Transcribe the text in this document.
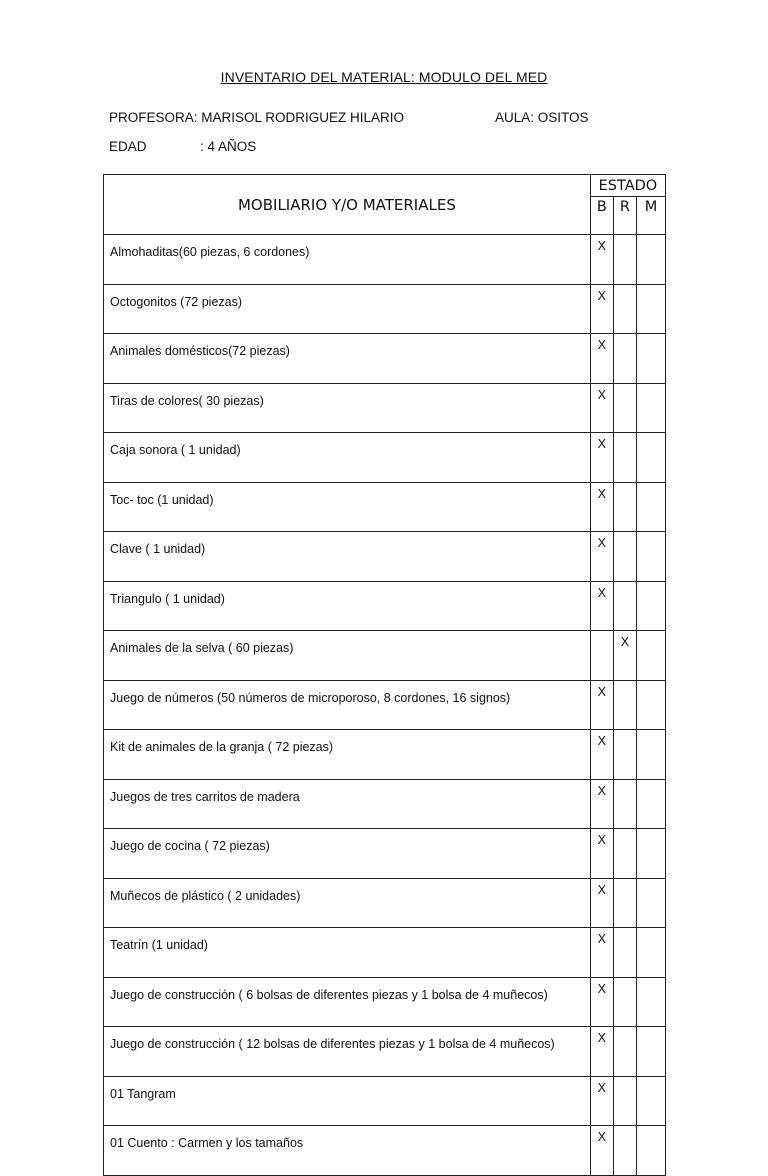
INVENTARIO DEL MATERIAL: MODULO DEL MED
PROFESORA: MARISOL RODRIGUEZ HILARIO	AULA: OSITOS
EDAD	: 4 AÑOS
MOBILIARIO Y/O MATERIALES	ESTADO		
	B	R	M
Almohaditas(60 piezas, 6 cordones)	X		
Octogonitos (72 piezas)	X		
Animales domésticos(72 piezas)	X		
Tiras de colores( 30 piezas)	X		
Caja sonora ( 1 unidad)	X		
Toc- toc (1 unidad)	X		
Clave ( 1 unidad)	X		
Triangulo ( 1 unidad)	X		
Animales de la selva ( 60 piezas)		X	
Juego de números (50 números de microporoso, 8 cordones, 16 signos)	X		
Kit de animales de la granja ( 72 piezas)	X		
Juegos de tres carritos de madera	X		
Juego de cocina ( 72 piezas)	X		
Muñecos de plástico ( 2 unidades)	X		
Teatrín (1 unidad)	X		
Juego de construcción ( 6 bolsas de diferentes piezas y 1 bolsa de 4 muñecos)	X		
Juego de construcción ( 12 bolsas de diferentes piezas y 1 bolsa de 4 muñecos)	X		
01 Tangram	X		
01 Cuento : Carmen y los tamaños	X		
